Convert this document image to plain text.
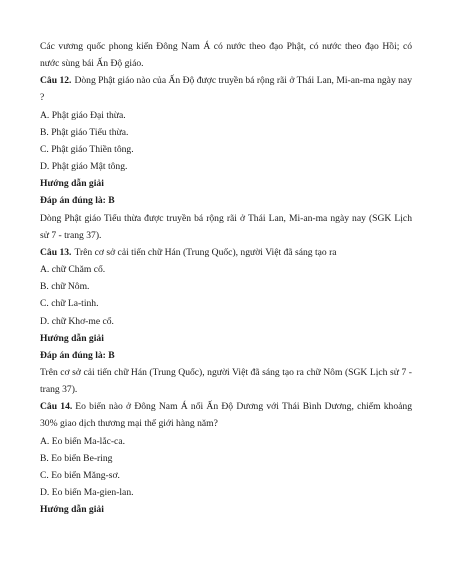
Các vương quốc phong kiến Đông Nam Á có nước theo đạo Phật, có nước theo đạo Hồi; có nước sùng bái Ấn Độ giáo.

Câu 12. Dòng Phật giáo nào của Ấn Độ được truyền bá rộng rãi ở Thái Lan, Mi-an-ma ngày nay ?

A. Phật giáo Đại thừa.

B. Phật giáo Tiểu thừa.

C. Phật giáo Thiền tông.

D. Phật giáo Mật tông.

Hướng dẫn giải

Đáp án đúng là: B

Dòng Phật giáo Tiểu thừa được truyền bá rộng rãi ở Thái Lan, Mi-an-ma ngày nay (SGK Lịch sử 7 - trang 37).

Câu 13. Trên cơ sở cải tiến chữ Hán (Trung Quốc), người Việt đã sáng tạo ra

A. chữ Chăm cổ.

B. chữ Nôm.

C. chữ La-tinh.

D. chữ Khơ-me cổ.

Hướng dẫn giải

Đáp án đúng là: B

Trên cơ sở cải tiến chữ Hán (Trung Quốc), người Việt đã sáng tạo ra chữ Nôm (SGK Lịch sử 7 - trang 37).

Câu 14. Eo biển nào ở Đông Nam Á nối Ấn Độ Dương với Thái Bình Dương, chiếm khoảng 30% giao dịch thương mại thế giới hàng năm?

A. Eo biển Ma-lắc-ca.

B. Eo biển Be-ring

C. Eo biển Măng-sơ.

D. Eo biển Ma-gien-lan.

Hướng dẫn giải
